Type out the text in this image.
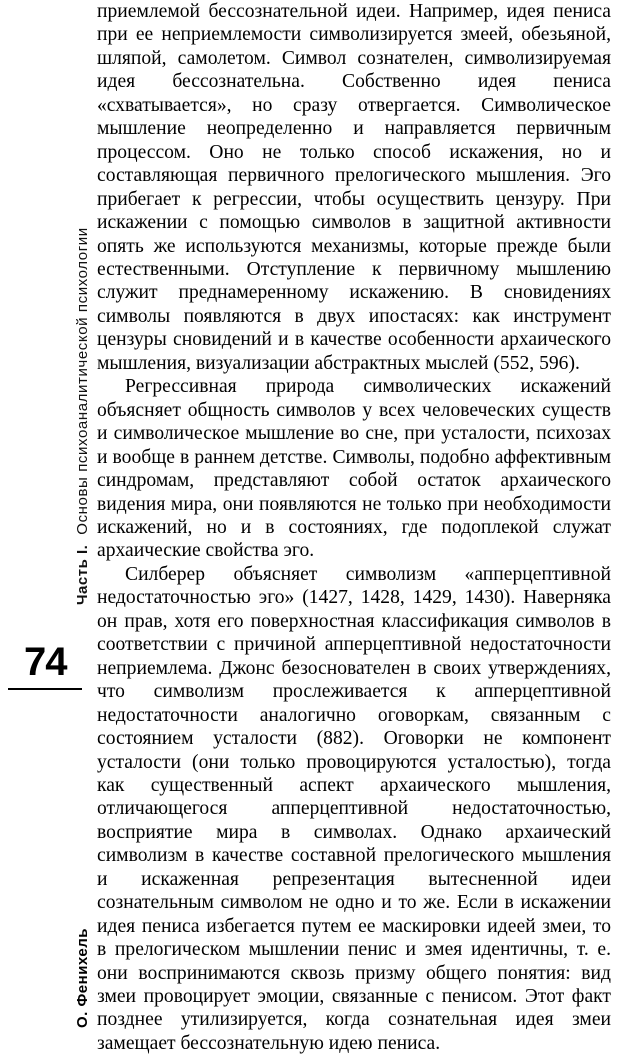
Часть I.Основы психоаналитической психологии
74
О. Фенихель

приемлемой бессознательной идеи. Например, идея пениса при ее неприемлемости символизируется змеей, обезьяной, шляпой, самолетом. Символ сознателен, символизируемая идея бессознательна. Собственно идея пениса «схватывается», но сразу отвергается. Символическое мышление неопределенно и направляется первичным процессом. Оно не только способ искажения, но и составляющая первичного прелогического мышления. Эго прибегает к регрессии, чтобы осуществить цензуру. При искажении с помощью символов в защитной активности опять же используются механизмы, которые прежде были естественными. Отступление к первичному мышлению служит преднамеренному искажению. В сновидениях символы появляются в двух ипостасях: как инструмент цензуры сновидений и в качестве особенности архаического мышления, визуализации абстрактных мыслей (552, 596).

Регрессивная природа символических искажений объясняет общность символов у всех человеческих существ и символическое мышление во сне, при усталости, психозах и вообще в раннем детстве. Символы, подобно аффективным синдромам, представляют собой остаток архаического видения мира, они появляются не только при необходимости искажений, но и в состояниях, где подоплекой служат архаические свойства эго.

Силберер объясняет символизм «апперцептивной недостаточностью эго» (1427, 1428, 1429, 1430). Наверняка он прав, хотя его поверхностная классификация символов в соответствии с причиной апперцептивной недостаточности неприемлема. Джонс безоснователен в своих утверждениях, что символизм прослеживается к апперцептивной недостаточности аналогично оговоркам, связанным с состоянием усталости (882). Оговорки не компонент усталости (они только провоцируются усталостью), тогда как существенный аспект архаического мышления, отличающегося апперцептивной недостаточностью, восприятие мира в символах. Однако архаический символизм в качестве составной прелогического мышления и искаженная репрезентация вытесненной идеи сознательным символом не одно и то же. Если в искажении идея пениса избегается путем ее маскировки идеей змеи, то в прелогическом мышлении пенис и змея идентичны, т. е. они воспринимаются сквозь призму общего понятия: вид змеи провоцирует эмоции, связанные с пенисом. Этот факт позднее утилизируется, когда сознательная идея змеи замещает бессознательную идею пениса.
